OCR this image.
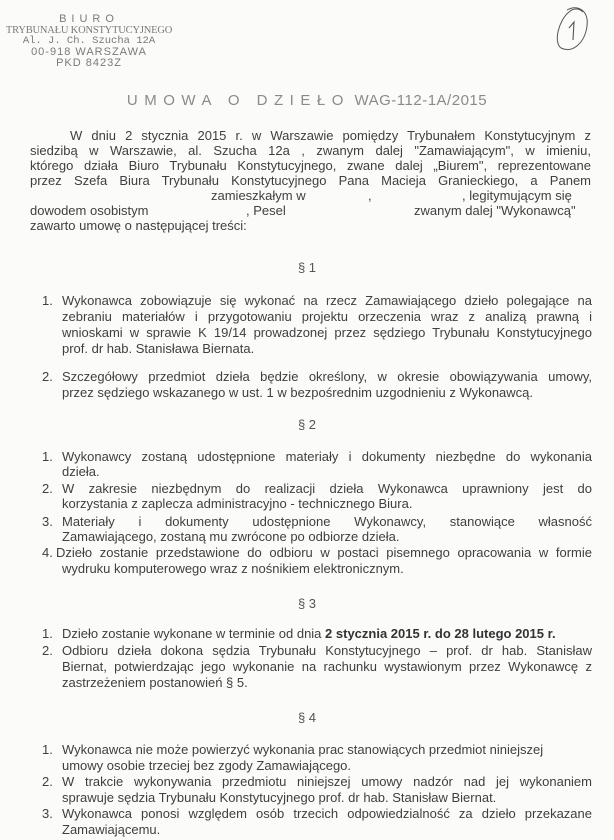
BIURO
TRYBUNAŁU KONSTYTUCYJNEGO
Al. J. Ch. Szucha 12A
00-918 WARSZAWA
PKD 8423Z
UMOWA O DZIEŁO WAG-112-1A/2015
W dniu 2 stycznia 2015 r. w Warszawie pomiędzy Trybunałem Konstytucyjnym z
siedzibą w Warszawie, al. Szucha 12a , zwanym dalej "Zamawiającym", w imieniu,
którego działa Biuro Trybunału Konstytucyjnego, zwane dalej „Biurem", reprezentowane
przez Szefa Biura Trybunału Konstytucyjnego Pana Macieja Granieckiego, a Panem
zamieszkałym w	,	, legitymującym się
dowodem osobistym	, Pesel	zwanym dalej "Wykonawcą"
zawarto umowę o następującej treści:
§ 1
1. Wykonawca zobowiązuje się wykonać na rzecz Zamawiającego dzieło polegające na
zebraniu materiałów i przygotowaniu projektu orzeczenia wraz z analizą prawną i
wnioskami w sprawie K 19/14 prowadzonej przez sędziego Trybunału Konstytucyjnego
prof. dr hab. Stanisława Biernata.
2. Szczegółowy przedmiot dzieła będzie określony, w okresie obowiązywania umowy,
przez sędziego wskazanego w ust. 1 w bezpośrednim uzgodnieniu z Wykonawcą.
§ 2
1. Wykonawcy zostaną udostępnione materiały i dokumenty niezbędne do wykonania
dzieła.
2. W zakresie niezbędnym do realizacji dzieła Wykonawca uprawniony jest do
korzystania z zaplecza administracyjno - technicznego Biura.
3. Materiały i dokumenty udostępnione Wykonawcy, stanowiące własność
Zamawiającego, zostaną mu zwrócone po odbiorze dzieła.
4. Dzieło zostanie przedstawione do odbioru w postaci pisemnego opracowania w formie
wydruku komputerowego wraz z nośnikiem elektronicznym.
§ 3
1. Dzieło zostanie wykonane w terminie od dnia 2 stycznia 2015 r. do 28 lutego 2015 r.
2. Odbioru dzieła dokona sędzia Trybunału Konstytucyjnego – prof. dr hab. Stanisław
Biernat, potwierdzając jego wykonanie na rachunku wystawionym przez Wykonawcę z
zastrzeżeniem postanowień § 5.
§ 4
1. Wykonawca nie może powierzyć wykonania prac stanowiących przedmiot niniejszej
umowy osobie trzeciej bez zgody Zamawiającego.
2. W trakcie wykonywania przedmiotu niniejszej umowy nadzór nad jej wykonaniem
sprawuje sędzia Trybunału Konstytucyjnego prof. dr hab. Stanisław Biernat.
3. Wykonawca ponosi względem osób trzecich odpowiedzialność za dzieło przekazane
Zamawiającemu.
